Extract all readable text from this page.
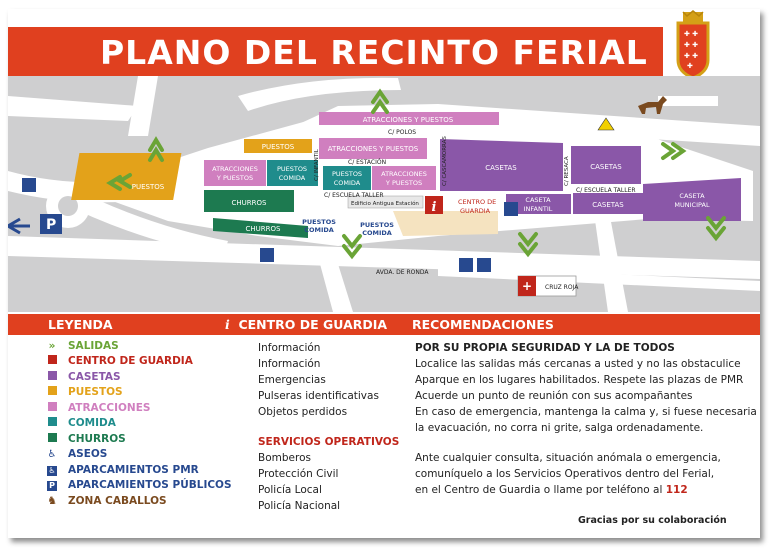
PLANO DEL RECINTO FERIAL	✚ ✚
✚ ✚
✚ ✚
✚
PUESTOS
ATRACCIONES Y PUESTOS
ATRACCIONES Y PUESTOS
PUESTOS
CHURROS
CHURROS
CASETAS	CASETAS
CASETAS
ATRACCIONES
Y PUESTOS
PUESTOS
COMIDA	PUESTOS
COMIDA
ATRACCIONES
Y PUESTOS
CASETA
INFANTIL
CASETA
MUNICIPAL
PUESTOS
COMIDA
PUESTOS
COMIDA
C/ POLOS
C/ ESTACIÓN
C/ ESCUELA TALLER
C/ ESCUELA TALLER
Edificio Antigua Estación
AVDA. DE RONDA
CRUZ ROJA
P
i	CENTRO DE
GUARDIA
+
C/ INFANTIL	C/ CASCAMORRAS	C/ RESACA
LEYENDA	i CENTRO DE GUARDIA RECOMENDACIONES
»	SALIDAS
CENTRO DE GUARDIA
CASETAS
PUESTOS
ATRACCIONES
COMIDA
CHURROS
♿	ASEOS
♿	APARCAMIENTOS PMR
P	APARCAMIENTOS PÚBLICOS
♞ ZONA CABALLOS
Información
Información
Emergencias
Pulseras identificativas
Objetos perdidos
SERVICIOS OPERATIVOS
Bomberos
Protección Civil
Policía Local
Policía Nacional
POR SU PROPIA SEGURIDAD Y LA DE TODOS
Localice las salidas más cercanas a usted y no las obstaculice
Aparque en los lugares habilitados. Respete las plazas de PMR
Acuerde un punto de reunión con sus acompañantes
En caso de emergencia, mantenga la calma y, si fuese necesaria
la evacuación, no corra ni grite, salga ordenadamente.
Ante cualquier consulta, situación anómala o emergencia,
comuníquelo a los Servicios Operativos dentro del Ferial,
en el Centro de Guardia o llame por teléfono al 112
Gracias por su colaboración
